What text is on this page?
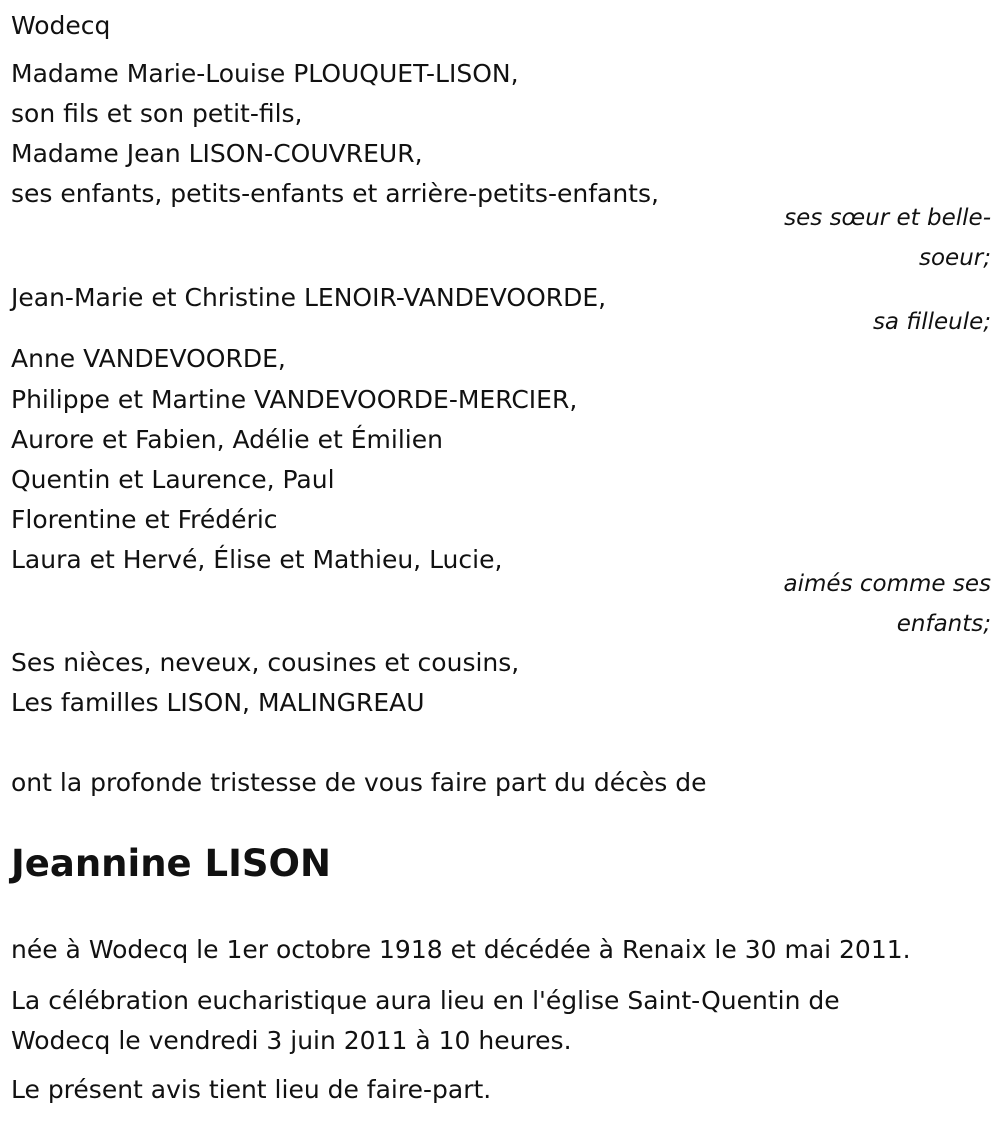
Wodecq

Madame Marie-Louise PLOUQUET-LISON,

son fils et son petit-fils,

Madame Jean LISON-COUVREUR,

ses enfants, petits-enfants et arrière-petits-enfants,

ses sœur et belle-

soeur;

Jean-Marie et Christine LENOIR-VANDEVOORDE,

sa filleule;

Anne VANDEVOORDE,

Philippe et Martine VANDEVOORDE-MERCIER,

Aurore et Fabien, Adélie et Émilien

Quentin et Laurence, Paul

Florentine et Frédéric

Laura et Hervé, Élise et Mathieu, Lucie,

aimés comme ses

enfants;

Ses nièces, neveux, cousines et cousins,

Les familles LISON, MALINGREAU

ont la profonde tristesse de vous faire part du décès de

Jeannine LISON

née à Wodecq le 1er octobre 1918 et décédée à Renaix le 30 mai 2011.

La célébration eucharistique aura lieu en l'église Saint-Quentin de

Wodecq le vendredi 3 juin 2011 à 10 heures.

Le présent avis tient lieu de faire-part.
